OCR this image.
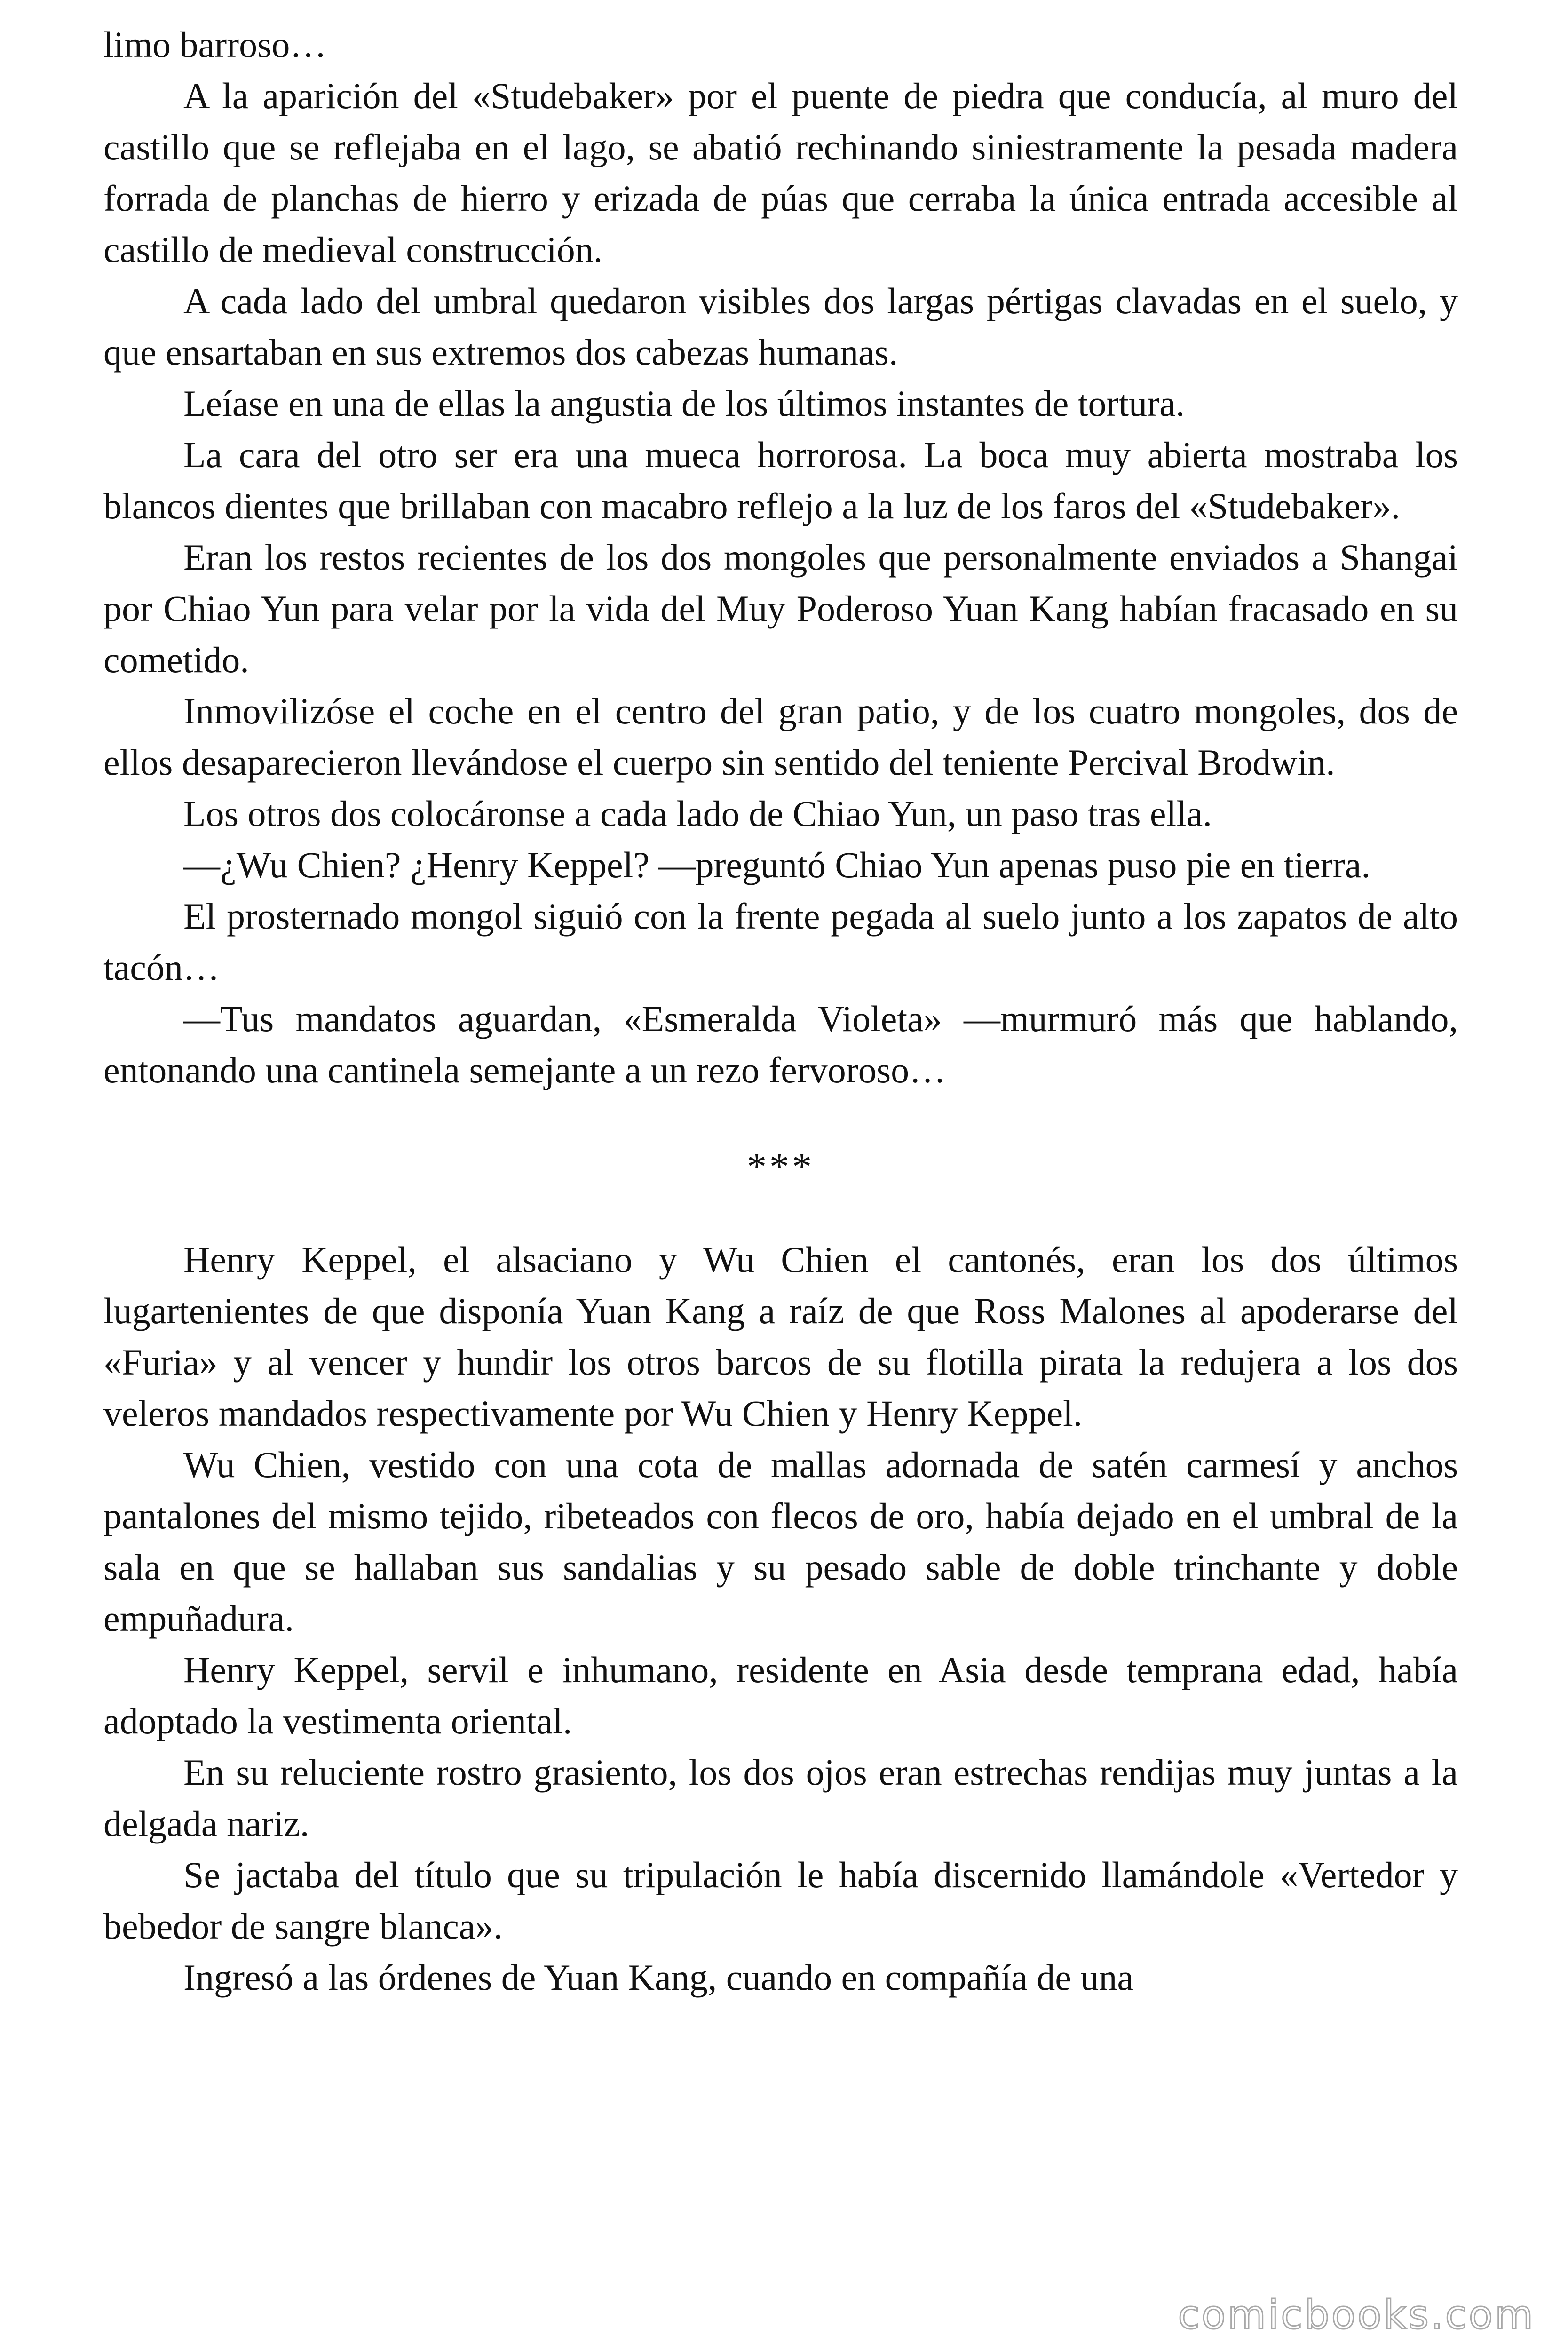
limo barroso…

A la aparición del «Studebaker» por el puente de piedra que conducía, al muro del castillo que se reflejaba en el lago, se abatió rechinando siniestramente la pesada madera forrada de planchas de hierro y erizada de púas que cerraba la única entrada accesible al castillo de medieval construcción.

A cada lado del umbral quedaron visibles dos largas pértigas clavadas en el suelo, y que ensartaban en sus extremos dos cabezas humanas.

Leíase en una de ellas la angustia de los últimos instantes de tortura.

La cara del otro ser era una mueca horrorosa. La boca muy abierta mostraba los blancos dientes que brillaban con macabro reflejo a la luz de los faros del «Studebaker».

Eran los restos recientes de los dos mongoles que personalmente enviados a Shangai por Chiao Yun para velar por la vida del Muy Poderoso Yuan Kang habían fracasado en su cometido.

Inmovilizóse el coche en el centro del gran patio, y de los cuatro mongoles, dos de ellos desaparecieron llevándose el cuerpo sin sentido del teniente Percival Brodwin.

Los otros dos colocáronse a cada lado de Chiao Yun, un paso tras ella.

—¿Wu Chien? ¿Henry Keppel? —preguntó Chiao Yun apenas puso pie en tierra.

El prosternado mongol siguió con la frente pegada al suelo junto a los zapatos de alto tacón…

—Tus mandatos aguardan, «Esmeralda Violeta» —murmuró más que hablando, entonando una cantinela semejante a un rezo fervoroso…

***

Henry Keppel, el alsaciano y Wu Chien el cantonés, eran los dos últimos lugartenientes de que disponía Yuan Kang a raíz de que Ross Malones al apoderarse del «Furia» y al vencer y hundir los otros barcos de su flotilla pirata la redujera a los dos veleros mandados respectivamente por Wu Chien y Henry Keppel.

Wu Chien, vestido con una cota de mallas adornada de satén carmesí y anchos pantalones del mismo tejido, ribeteados con flecos de oro, había dejado en el umbral de la sala en que se hallaban sus sandalias y su pesado sable de doble trinchante y doble empuñadura.

Henry Keppel, servil e inhumano, residente en Asia desde temprana edad, había adoptado la vestimenta oriental.

En su reluciente rostro grasiento, los dos ojos eran estrechas rendijas muy juntas a la delgada nariz.

Se jactaba del título que su tripulación le había discernido llamándole «Vertedor y bebedor de sangre blanca».

Ingresó a las órdenes de Yuan Kang, cuando en compañía de una

comicbooks.com
